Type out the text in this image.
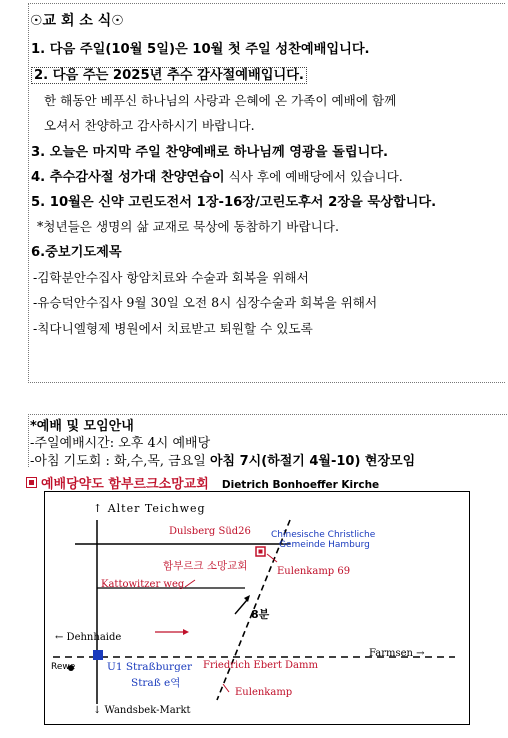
☉교 회 소 식☉
1. 다음 주일(10월 5일)은 10월 첫 주일 성찬예배입니다.
2. 다음 주는 2025년 추수 감사절예배입니다.
한 해동안 베푸신 하나님의 사랑과 은혜에 온 가족이 예배에 함께
오셔서 찬양하고 감사하시기 바랍니다.
3. 오늘은 마지막 주일 찬양예배로 하나님께 영광을 돌립니다.
4. 추수감사절 성가대 찬양연습이 식사 후에 예배당에서 있습니다.
5. 10월은 신약 고린도전서 1장-16장/고린도후서 2장을 묵상합니다.
*청년들은 생명의 삶 교재로 묵상에 동참하기 바랍니다.
6.중보기도제목
-김학분안수집사 항암치료와 수술과 회복을 위해서
-유승덕안수집사 9월 30일 오전 8시 심장수술과 회복을 위해서
-칙다니엘형제 병원에서 치료받고 퇴원할 수 있도록
*예배 및 모임안내
-주일예배시간: 오후 4시 예배당
-아침 기도회 : 화,수,목, 금요일 아침 7시(하절기 4월-10) 현장모임
예배당약도 함부르크소망교회 Dietrich Bonhoeffer Kirche
↑ Alter Teichweg
Dulsberg Süd26 Chinesische Christliche
Gemeinde Hamburg
함부르크 소망교회	Eulenkamp 69
Kattowitzer weg
8분
← Dehnhaide
Farmsen →
Rewe	U1 Straßburger
Straß e역
Friedrich Ebert Damm
Eulenkamp
↓ Wandsbek-Markt
